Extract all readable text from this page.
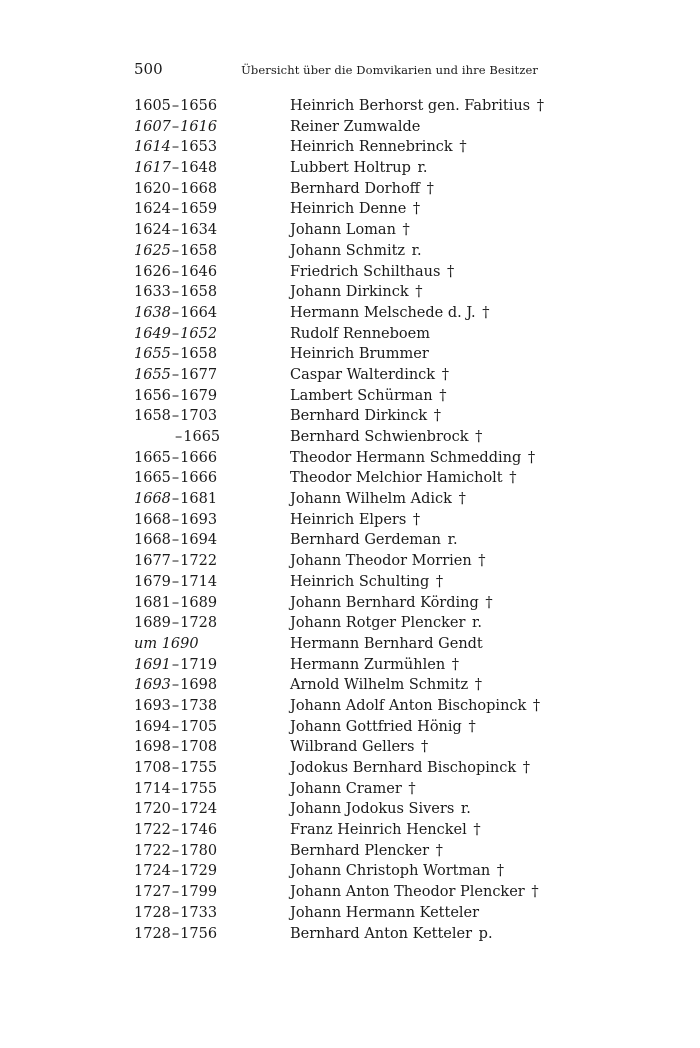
500	Übersicht über die Domvikarien und ihre Besitzer
1605–1656	Heinrich Berhorst gen. Fabritius †
1607–1616	Reiner Zumwalde
1614–1653	Heinrich Rennebrinck †
1617–1648	Lubbert Holtrup r.
1620–1668	Bernhard Dorhoff †
1624–1659	Heinrich Denne †
1624–1634	Johann Loman †
1625–1658	Johann Schmitz r.
1626–1646	Friedrich Schilthaus †
1633–1658	Johann Dirkinck †
1638–1664	Hermann Melschede d. J. †
1649–1652	Rudolf Renneboem
1655–1658	Heinrich Brummer
1655–1677	Caspar Walterdinck †
1656–1679	Lambert Schürman †
1658–1703	Bernhard Dirkinck †
–1665	Bernhard Schwienbrock †
1665–1666	Theodor Hermann Schmedding †
1665–1666	Theodor Melchior Hamicholt †
1668–1681	Johann Wilhelm Adick †
1668–1693	Heinrich Elpers †
1668–1694	Bernhard Gerdeman r.
1677–1722	Johann Theodor Morrien †
1679–1714	Heinrich Schulting †
1681–1689	Johann Bernhard Körding †
1689–1728	Johann Rotger Plencker r.
um 1690	Hermann Bernhard Gendt
1691–1719	Hermann Zurmühlen †
1693–1698	Arnold Wilhelm Schmitz †
1693–1738	Johann Adolf Anton Bischopinck †
1694–1705	Johann Gottfried Hönig †
1698–1708	Wilbrand Gellers †
1708–1755	Jodokus Bernhard Bischopinck †
1714–1755	Johann Cramer †
1720–1724	Johann Jodokus Sivers r.
1722–1746	Franz Heinrich Henckel †
1722–1780	Bernhard Plencker †
1724–1729	Johann Christoph Wortman †
1727–1799	Johann Anton Theodor Plencker †
1728–1733	Johann Hermann Ketteler
1728–1756	Bernhard Anton Ketteler p.
